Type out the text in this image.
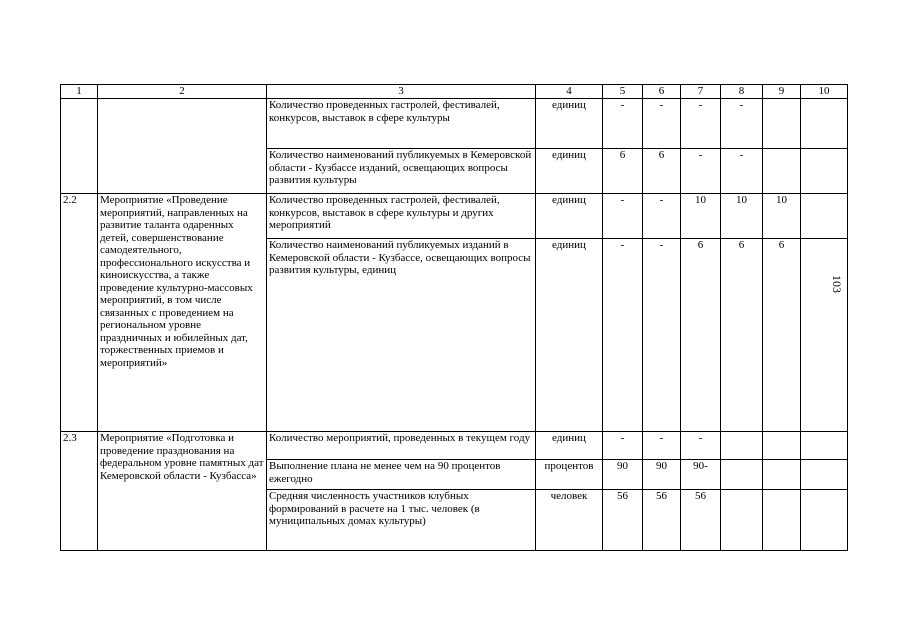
1	2	3	4	5	6	7	8	9	10
		Количество проведенных гастролей, фестивалей, конкурсов, выставок в сфере культуры	единиц	-	-	-	-		
		Количество наименований публикуемых в Кемеровской области - Кузбассе изданий, освещающих вопросы развития культуры	единиц	6	6	-	-		
2.2	Мероприятие «Проведение мероприятий, направленных на развитие таланта одаренных детей, совершенствование самодеятельного, профессионального искусства и киноискусства, а также проведение культурно-массовых мероприятий, в том числе связанных с проведением на региональном уровне праздничных и юбилейных дат, торжественных приемов и мероприятий»	Количество проведенных гастролей, фестивалей, конкурсов, выставок в сфере культуры и других мероприятий	единиц	-	-	10	10	10	
		Количество наименований публикуемых изданий в Кемеровской области - Кузбассе, освещающих вопросы развития культуры, единиц	единиц	-	-	6	6	6	
2.3	Мероприятие «Подготовка и проведение празднования на федеральном уровне памятных дат Кемеровской области - Кузбасса»	Количество мероприятий, проведенных в текущем году	единиц	-	-	-			
		Выполнение плана не менее чем на 90 процентов ежегодно	процентов	90	90	90-			
		Средняя численность участников клубных формирований в расчете на 1 тыс. человек (в муниципальных домах культуры)	человек	56	56	56			
103
